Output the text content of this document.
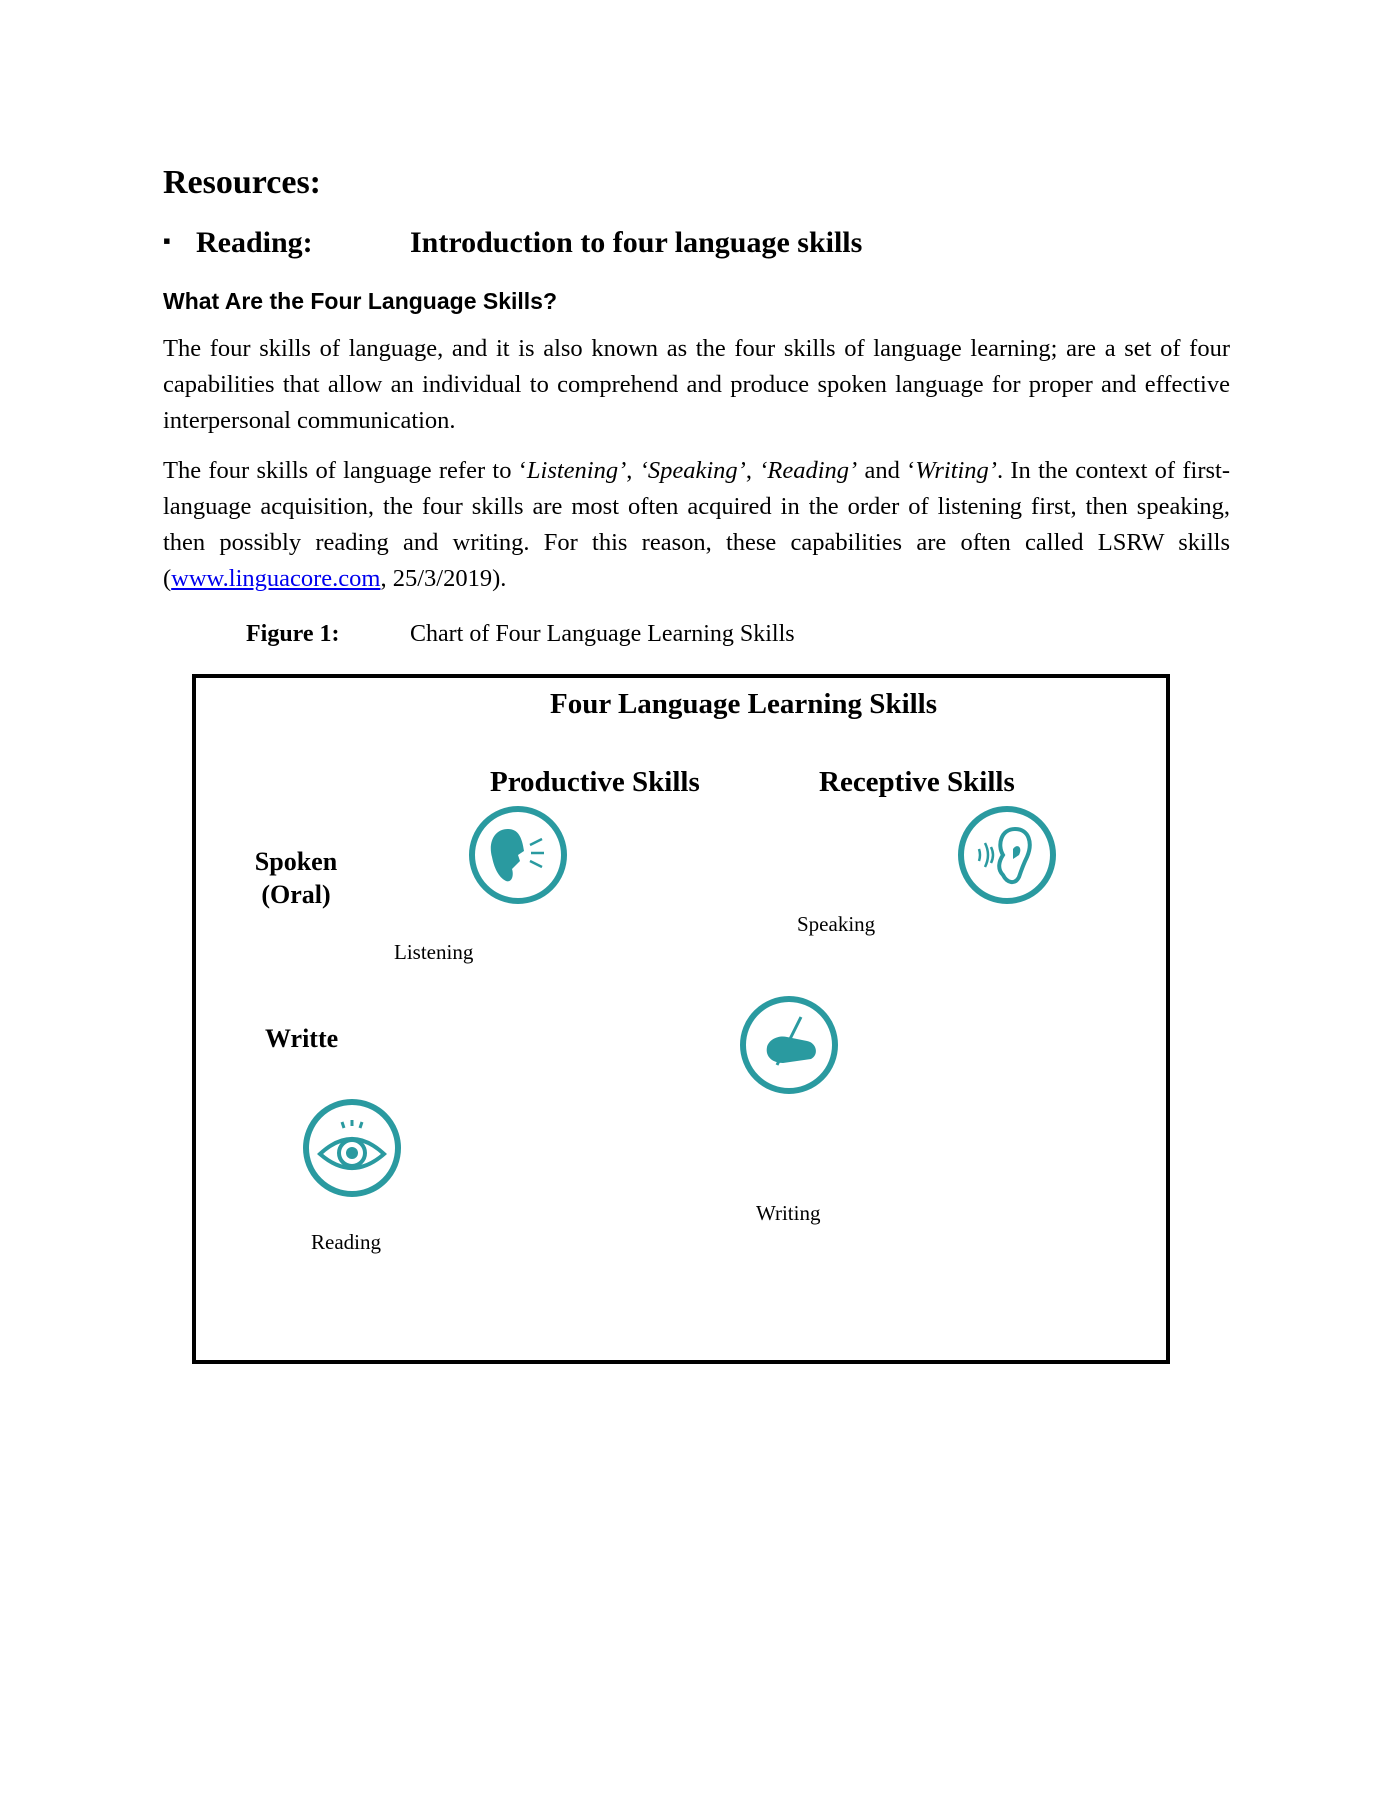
Resources:
▪ Reading:	Introduction to four language skills
What Are the Four Language Skills?
The four skills of language, and it is also known as the four skills of language learning; are a set of four capabilities that allow an individual to comprehend and produce spoken language for proper and effective interpersonal communication.
The four skills of language refer to ‘Listening’, ‘Speaking’, ‘Reading’ and ‘Writing’. In the context of first-language acquisition, the four skills are most often acquired in the order of listening first, then speaking, then possibly reading and writing. For this reason, these capabilities are often called LSRW skills (www.linguacore.com, 25/3/2019).
Figure 1:	Chart of Four Language Learning Skills
Four Language Learning Skills
Productive Skills	Receptive Skills
Spoken
(Oral)
Writte
Listening
Speaking
Writing
Reading
